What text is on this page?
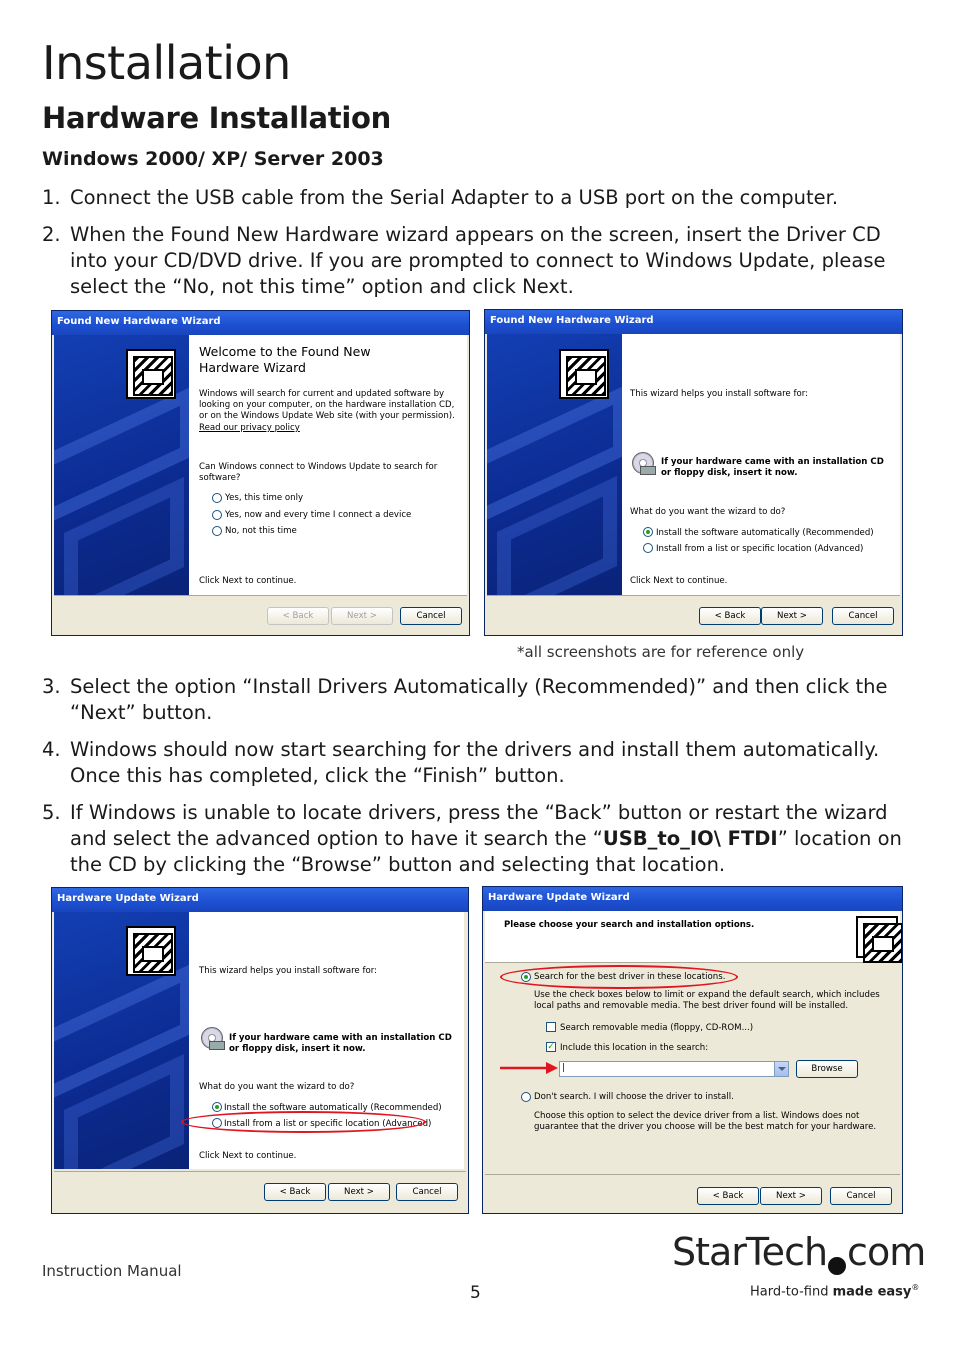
Installation
Hardware Installation
Windows 2000/ XP/ Server 2003
1. Connect the USB cable from the Serial Adapter to a USB port on the computer.
2. When the Found New Hardware wizard appears on the screen, insert the Driver CD into your CD/DVD drive. If you are prompted to connect to Windows Update, please select the “No, not this time” option and click Next.
Found New Hardware Wizard
Welcome to the Found New Hardware Wizard
Windows will search for current and updated software by looking on your computer, on the hardware installation CD, or on the Windows Update Web site (with your permission).
Read our privacy policy
Can Windows connect to Windows Update to search for software?
Yes, this time only
Yes, now and every time I connect a device
No, not this time
Click Next to continue.
< Back	Next >	Cancel
Found New Hardware Wizard
This wizard helps you install software for:
If your hardware came with an installation CD or floppy disk, insert it now.
What do you want the wizard to do?
Install the software automatically (Recommended)
Install from a list or specific location (Advanced)
Click Next to continue.
< Back	Next >	Cancel
*all screenshots are for reference only
3. Select the option “Install Drivers Automatically (Recommended)” and then click the “Next” button.
4. Windows should now start searching for the drivers and install them automatically. Once this has completed, click the “Finish” button.
5. If Windows is unable to locate drivers, press the “Back” button or restart the wizard and select the advanced option to have it search the “USB_to_IO\ FTDI” location on the CD by clicking the “Browse” button and selecting that location.
Hardware Update Wizard
This wizard helps you install software for:
If your hardware came with an installation CD or floppy disk, insert it now.
What do you want the wizard to do?
Install the software automatically (Recommended)
Install from a list or specific location (Advanced)
Click Next to continue.
< Back	Next >	Cancel
Hardware Update Wizard
Please choose your search and installation options.
Search for the best driver in these locations.
Use the check boxes below to limit or expand the default search, which includes local paths and removable media. The best driver found will be installed.
Search removable media (floppy, CD-ROM...)
✓ Include this location in the search:
|	Browse
Don't search. I will choose the driver to install.
Choose this option to select the device driver from a list. Windows does not guarantee that the driver you choose will be the best match for your hardware.
< Back	Next >	Cancel
Instruction Manual
5
StarTech com
Hard-to-find made easy®
